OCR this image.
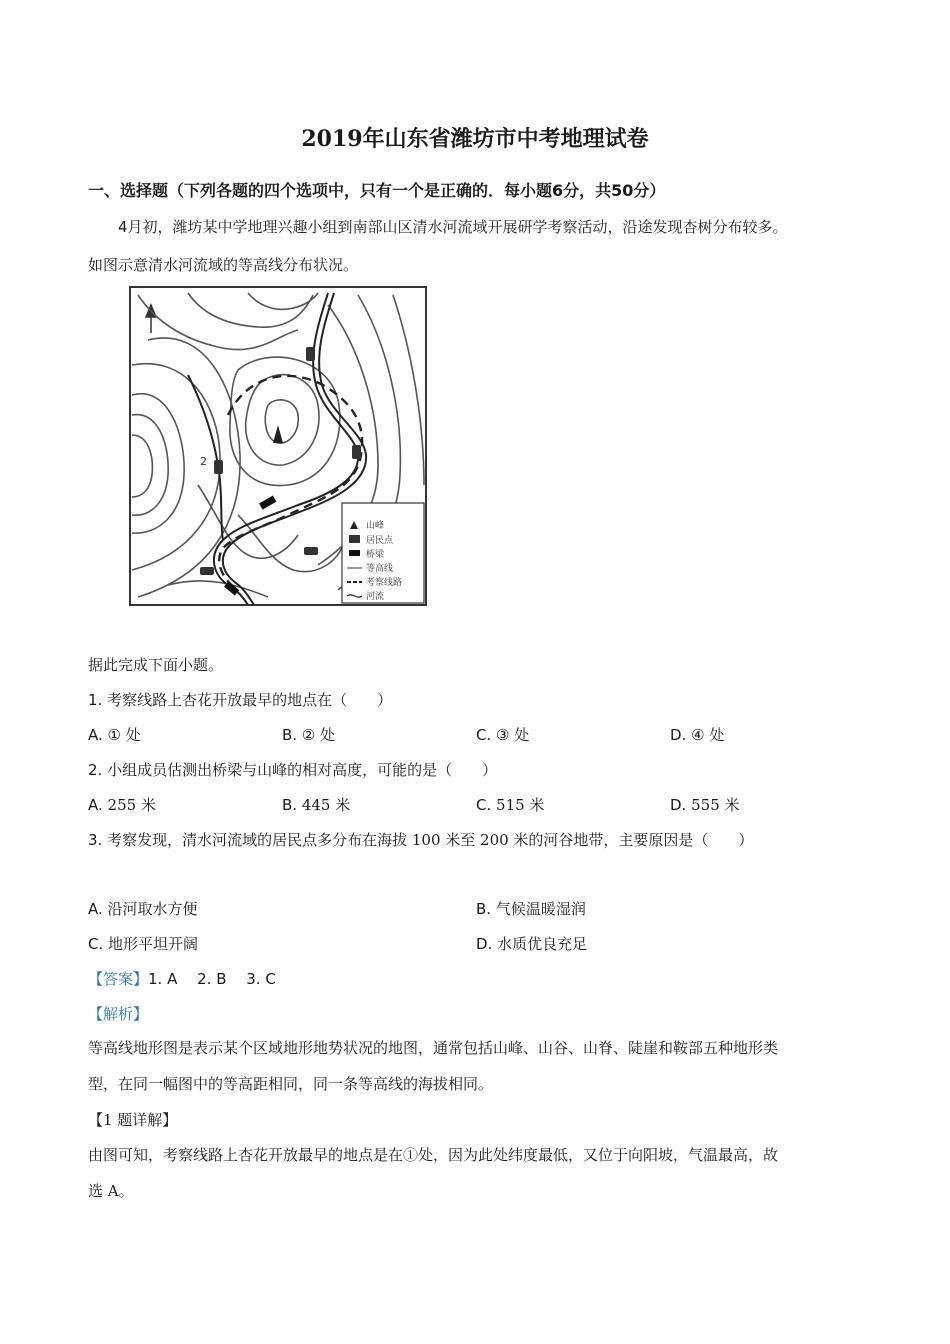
2019年山东省潍坊市中考地理试卷
一、选择题（下列各题的四个选项中，只有一个是正确的．每小题6分，共50分）
4月初，潍坊某中学地理兴趣小组到南部山区清水河流域开展研学考察活动，沿途发现杏树分布较多。
如图示意清水河流域的等高线分布状况。
2
山峰
居民点
桥梁
等高线
考察线路
河流
据此完成下面小题。
1. 考察线路上杏花开放最早的地点在（　　）
A. ① 处	B. ② 处	C. ③ 处	D. ④ 处
2. 小组成员估测出桥梁与山峰的相对高度，可能的是（　　）
A. 255 米	B. 445 米	C. 515 米	D. 555 米
3. 考察发现，清水河流域的居民点多分布在海拔 100 米至 200 米的河谷地带，主要原因是（　　）
A. 沿河取水方便	B. 气候温暖湿润
C. 地形平坦开阔	D. 水质优良充足
【答案】1. A　 2. B　 3. C
【解析】
等高线地形图是表示某个区域地形地势状况的地图，通常包括山峰、山谷、山脊、陡崖和鞍部五种地形类
型，在同一幅图中的等高距相同，同一条等高线的海拔相同。
【1 题详解】
由图可知，考察线路上杏花开放最早的地点是在①处，因为此处纬度最低，又位于向阳坡，气温最高，故
选 A。
